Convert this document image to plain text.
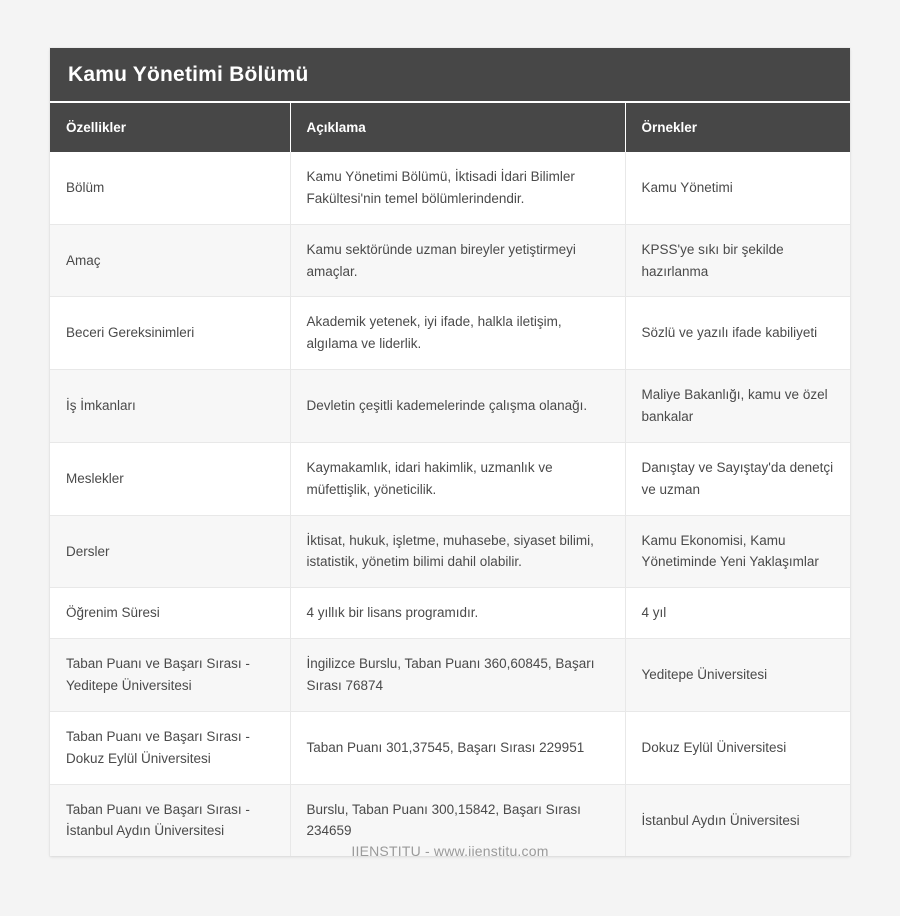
Kamu Yönetimi Bölümü
Özellikler	Açıklama	Örnekler
Bölüm	Kamu Yönetimi Bölümü, İktisadi İdari Bilimler Fakültesi'nin temel bölümlerindendir.	Kamu Yönetimi
Amaç	Kamu sektöründe uzman bireyler yetiştirmeyi amaçlar.	KPSS'ye sıkı bir şekilde hazırlanma
Beceri Gereksinimleri	Akademik yetenek, iyi ifade, halkla iletişim, algılama ve liderlik.	Sözlü ve yazılı ifade kabiliyeti
İş İmkanları	Devletin çeşitli kademelerinde çalışma olanağı.	Maliye Bakanlığı, kamu ve özel bankalar
Meslekler	Kaymakamlık, idari hakimlik, uzmanlık ve müfettişlik, yöneticilik.	Danıştay ve Sayıştay'da denetçi ve uzman
Dersler	İktisat, hukuk, işletme, muhasebe, siyaset bilimi, istatistik, yönetim bilimi dahil olabilir.	Kamu Ekonomisi, Kamu Yönetiminde Yeni Yaklaşımlar
Öğrenim Süresi	4 yıllık bir lisans programıdır.	4 yıl
Taban Puanı ve Başarı Sırası - Yeditepe Üniversitesi	İngilizce Burslu, Taban Puanı 360,60845, Başarı Sırası 76874	Yeditepe Üniversitesi
Taban Puanı ve Başarı Sırası - Dokuz Eylül Üniversitesi	Taban Puanı 301,37545, Başarı Sırası 229951	Dokuz Eylül Üniversitesi
Taban Puanı ve Başarı Sırası - İstanbul Aydın Üniversitesi	Burslu, Taban Puanı 300,15842, Başarı Sırası 234659	İstanbul Aydın Üniversitesi
IIENSTITU - www.iienstitu.com
